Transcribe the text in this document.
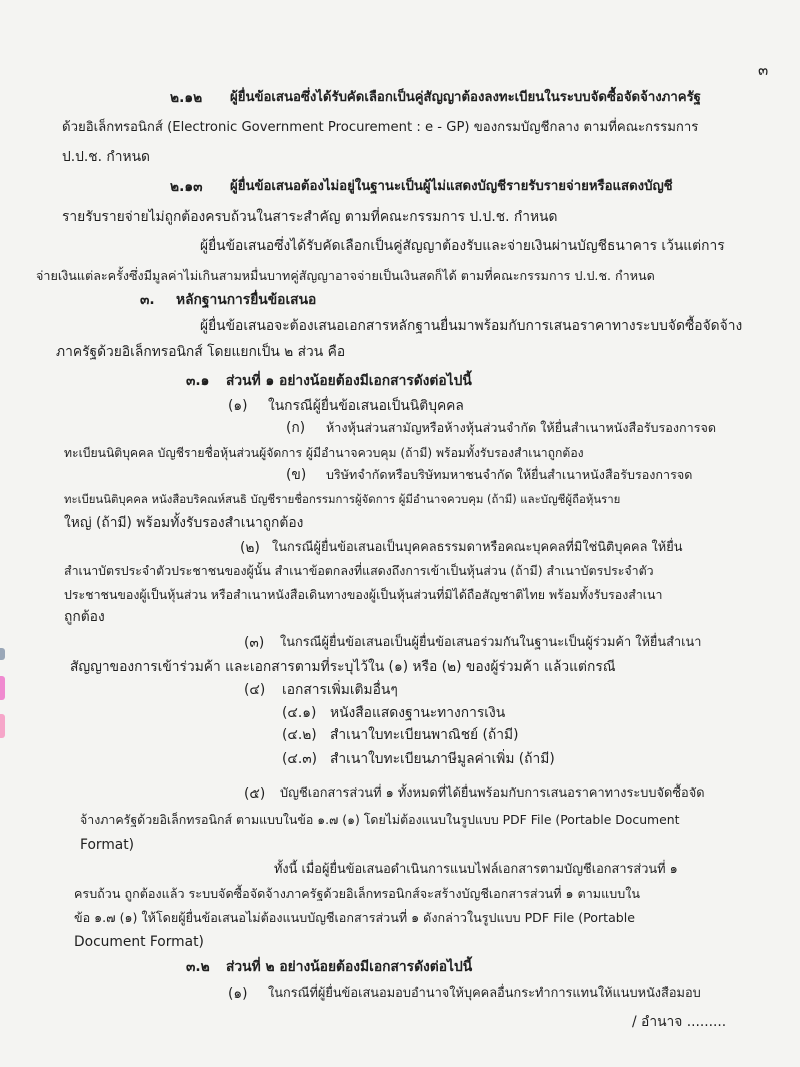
๓
๒.๑๒ ผู้ยื่นข้อเสนอซึ่งได้รับคัดเลือกเป็นคู่สัญญาต้องลงทะเบียนในระบบจัดซื้อจัดจ้างภาครัฐ
ด้วยอิเล็กทรอนิกส์ (Electronic Government Procurement : e - GP) ของกรมบัญชีกลาง ตามที่คณะกรรมการ
ป.ป.ช. กำหนด
๒.๑๓ ผู้ยื่นข้อเสนอต้องไม่อยู่ในฐานะเป็นผู้ไม่แสดงบัญชีรายรับรายจ่ายหรือแสดงบัญชี
รายรับรายจ่ายไม่ถูกต้องครบถ้วนในสาระสำคัญ ตามที่คณะกรรมการ ป.ป.ช. กำหนด
ผู้ยื่นข้อเสนอซึ่งได้รับคัดเลือกเป็นคู่สัญญาต้องรับและจ่ายเงินผ่านบัญชีธนาคาร เว้นแต่การ
จ่ายเงินแต่ละครั้งซึ่งมีมูลค่าไม่เกินสามหมื่นบาทคู่สัญญาอาจจ่ายเป็นเงินสดก็ได้ ตามที่คณะกรรมการ ป.ป.ช. กำหนด
๓. หลักฐานการยื่นข้อเสนอ
ผู้ยื่นข้อเสนอจะต้องเสนอเอกสารหลักฐานยื่นมาพร้อมกับการเสนอราคาทางระบบจัดซื้อจัดจ้าง
ภาครัฐด้วยอิเล็กทรอนิกส์ โดยแยกเป็น ๒ ส่วน คือ
๓.๑ ส่วนที่ ๑ อย่างน้อยต้องมีเอกสารดังต่อไปนี้
(๑) ในกรณีผู้ยื่นข้อเสนอเป็นนิติบุคคล
(ก) ห้างหุ้นส่วนสามัญหรือห้างหุ้นส่วนจำกัด ให้ยื่นสำเนาหนังสือรับรองการจด
ทะเบียนนิติบุคคล บัญชีรายชื่อหุ้นส่วนผู้จัดการ ผู้มีอำนาจควบคุม (ถ้ามี) พร้อมทั้งรับรองสำเนาถูกต้อง
(ข) บริษัทจำกัดหรือบริษัทมหาชนจำกัด ให้ยื่นสำเนาหนังสือรับรองการจด
ทะเบียนนิติบุคคล หนังสือบริคณห์สนธิ บัญชีรายชื่อกรรมการผู้จัดการ ผู้มีอำนาจควบคุม (ถ้ามี) และบัญชีผู้ถือหุ้นราย
ใหญ่ (ถ้ามี) พร้อมทั้งรับรองสำเนาถูกต้อง
(๒) ในกรณีผู้ยื่นข้อเสนอเป็นบุคคลธรรมดาหรือคณะบุคคลที่มิใช่นิติบุคคล ให้ยื่น
สำเนาบัตรประจำตัวประชาชนของผู้นั้น สำเนาข้อตกลงที่แสดงถึงการเข้าเป็นหุ้นส่วน (ถ้ามี) สำเนาบัตรประจำตัว
ประชาชนของผู้เป็นหุ้นส่วน หรือสำเนาหนังสือเดินทางของผู้เป็นหุ้นส่วนที่มิได้ถือสัญชาติไทย พร้อมทั้งรับรองสำเนา
ถูกต้อง
(๓) ในกรณีผู้ยื่นข้อเสนอเป็นผู้ยื่นข้อเสนอร่วมกันในฐานะเป็นผู้ร่วมค้า ให้ยื่นสำเนา
สัญญาของการเข้าร่วมค้า และเอกสารตามที่ระบุไว้ใน (๑) หรือ (๒) ของผู้ร่วมค้า แล้วแต่กรณี
(๔) เอกสารเพิ่มเติมอื่นๆ
(๔.๑) หนังสือแสดงฐานะทางการเงิน
(๔.๒) สำเนาใบทะเบียนพาณิชย์ (ถ้ามี)
(๔.๓) สำเนาใบทะเบียนภาษีมูลค่าเพิ่ม (ถ้ามี)
(๕) บัญชีเอกสารส่วนที่ ๑ ทั้งหมดที่ได้ยื่นพร้อมกับการเสนอราคาทางระบบจัดซื้อจัด
จ้างภาครัฐด้วยอิเล็กทรอนิกส์ ตามแบบในข้อ ๑.๗ (๑) โดยไม่ต้องแนบในรูปแบบ PDF File (Portable Document
Format)
ทั้งนี้ เมื่อผู้ยื่นข้อเสนอดำเนินการแนบไฟล์เอกสารตามบัญชีเอกสารส่วนที่ ๑
ครบถ้วน ถูกต้องแล้ว ระบบจัดซื้อจัดจ้างภาครัฐด้วยอิเล็กทรอนิกส์จะสร้างบัญชีเอกสารส่วนที่ ๑ ตามแบบใน
ข้อ ๑.๗ (๑) ให้โดยผู้ยื่นข้อเสนอไม่ต้องแนบบัญชีเอกสารส่วนที่ ๑ ดังกล่าวในรูปแบบ PDF File (Portable
Document Format)
๓.๒ ส่วนที่ ๒ อย่างน้อยต้องมีเอกสารดังต่อไปนี้
(๑) ในกรณีที่ผู้ยื่นข้อเสนอมอบอำนาจให้บุคคลอื่นกระทำการแทนให้แนบหนังสือมอบ
/ อำนาจ .........
